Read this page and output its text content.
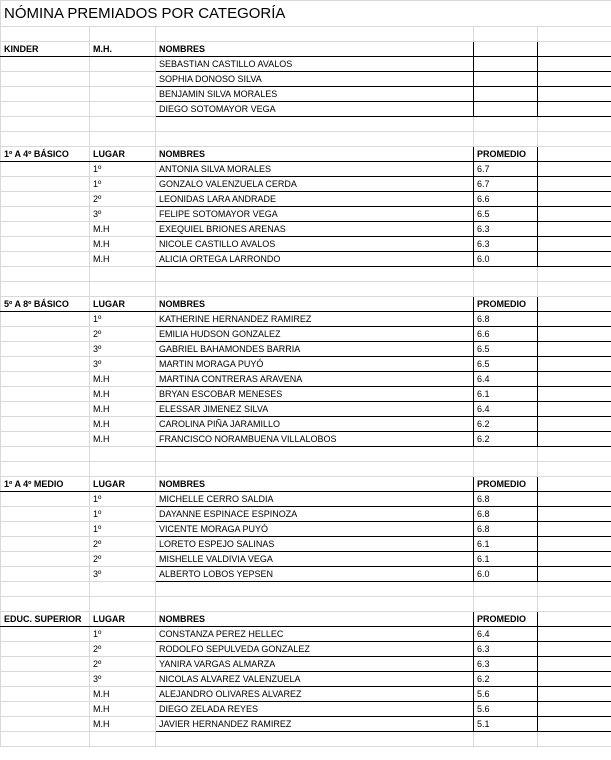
NÓMINA PREMIADOS POR CATEGORÍA				

KINDER	M.H.	NOMBRES		
		SEBASTIAN CASTILLO AVALOS		
		SOPHIA DONOSO SILVA		
		BENJAMIN SILVA MORALES		
		DIEGO SOTOMAYOR VEGA		

1º A 4º BÁSICO	LUGAR	NOMBRES	PROMEDIO	
	1º	ANTONIA SILVA MORALES	6.7	
	1º	GONZALO VALENZUELA CERDA	6.7	
	2º	LEONIDAS LARA ANDRADE	6.6	
	3º	FELIPE SOTOMAYOR VEGA	6.5	
	M.H	EXEQUIEL BRIONES ARENAS	6.3	
	M.H	NICOLE CASTILLO AVALOS	6.3	
	M.H	ALICIA ORTEGA LARRONDO	6.0	

5º A 8º BÁSICO	LUGAR	NOMBRES	PROMEDIO	
	1º	KATHERINE HERNANDEZ RAMIREZ	6.8	
	2º	EMILIA HUDSON GONZALEZ	6.6	
	3º	GABRIEL BAHAMONDES BARRIA	6.5	
	3º	MARTIN MORAGA PUYÓ	6.5	
	M.H	MARTINA CONTRERAS ARAVENA	6.4	
	M.H	BRYAN ESCOBAR MENESES	6.1	
	M.H	ELESSAR JIMENEZ SILVA	6.4	
	M.H	CAROLINA PIÑA JARAMILLO	6.2	
	M.H	FRANCISCO NORAMBUENA VILLALOBOS	6.2	

1º A 4º MEDIO	LUGAR	NOMBRES	PROMEDIO	
	1º	MICHELLE CERRO SALDIA	6.8	
	1º	DAYANNE ESPINACE ESPINOZA	6.8	
	1º	VICENTE MORAGA PUYÓ	6.8	
	2º	LORETO ESPEJO SALINAS	6.1	
	2º	MISHELLE VALDIVIA VEGA	6.1	
	3º	ALBERTO LOBOS YEPSEN	6.0	

EDUC. SUPERIOR	LUGAR	NOMBRES	PROMEDIO	
	1º	CONSTANZA PEREZ HELLEC	6.4	
	2º	RODOLFO SEPULVEDA GONZALEZ	6.3	
	2º	YANIRA VARGAS ALMARZA	6.3	
	3º	NICOLAS ALVAREZ VALENZUELA	6.2	
	M.H	ALEJANDRO OLIVARES ALVAREZ	5.6	
	M.H	DIEGO ZELADA REYES	5.6	
	M.H	JAVIER HERNANDEZ RAMIREZ	5.1	
